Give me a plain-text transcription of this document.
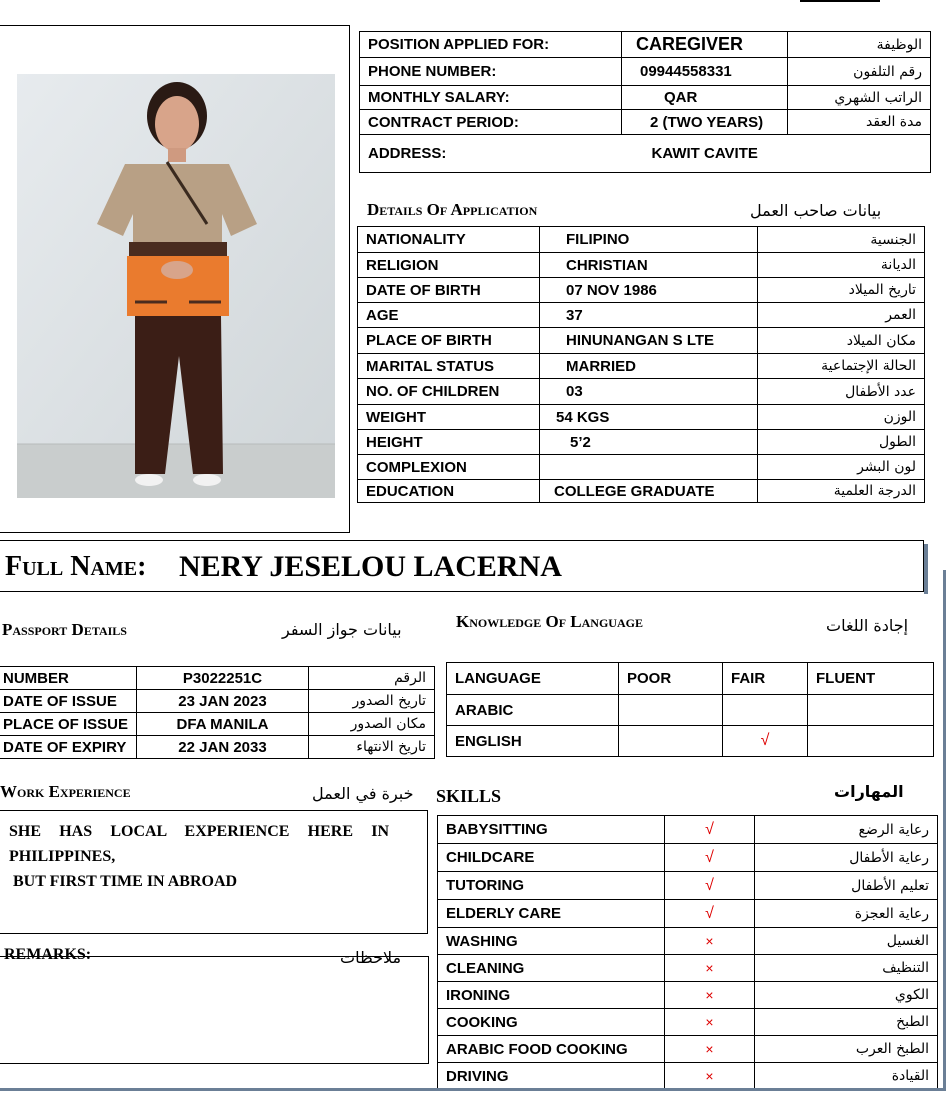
POSITION APPLIED FOR:	CAREGIVER	الوظيفة
PHONE NUMBER:	09944558331	رقم التلفون
MONTHLY SALARY:	QAR	الراتب الشهري
CONTRACT PERIOD:	2 (TWO YEARS)	مدة العقد
ADDRESS:	KAWIT CAVITE	
Details Of Application	بيانات صاحب العمل
NATIONALITY	FILIPINO	الجنسية
RELIGION	CHRISTIAN	الديانة
DATE OF BIRTH	07 NOV 1986	تاريخ الميلاد
AGE	37	العمر
PLACE OF BIRTH	HINUNANGAN S LTE	مكان الميلاد
MARITAL STATUS	MARRIED	الحالة الإجتماعية
NO. OF CHILDREN	03	عدد الأطفال
WEIGHT	54 KGS	الوزن
HEIGHT	5’2	الطول
COMPLEXION		لون البشر
EDUCATION	COLLEGE GRADUATE	الدرجة العلمية
Full Name: NERY JESELOU LACERNA
Passport Details	بيانات جواز السفر
NUMBER	P3022251C	الرقم
DATE OF ISSUE	23 JAN 2023	تاريخ الصدور
PLACE OF ISSUE	DFA MANILA	مكان الصدور
DATE OF EXPIRY	22 JAN 2033	تاريخ الانتهاء
Knowledge Of Language	إجادة اللغات
LANGUAGE	POOR	FAIR	FLUENT
ARABIC			
ENGLISH		√	
Work Experience	خبرة في العمل
SHE HAS LOCAL EXPERIENCE HERE IN PHILIPPINES,
BUT FIRST TIME IN ABROAD
REMARKS:	ملاحظات
SKILLS	المهارات
BABYSITTING	√	رعاية الرضع
CHILDCARE	√	رعاية الأطفال
TUTORING	√	تعليم الأطفال
ELDERLY CARE	√	رعاية العجزة
WASHING	×	الغسيل
CLEANING	×	التنظيف
IRONING	×	الكوي
COOKING	×	الطبخ
ARABIC FOOD COOKING	×	الطبخ العرب
DRIVING	×	القيادة
